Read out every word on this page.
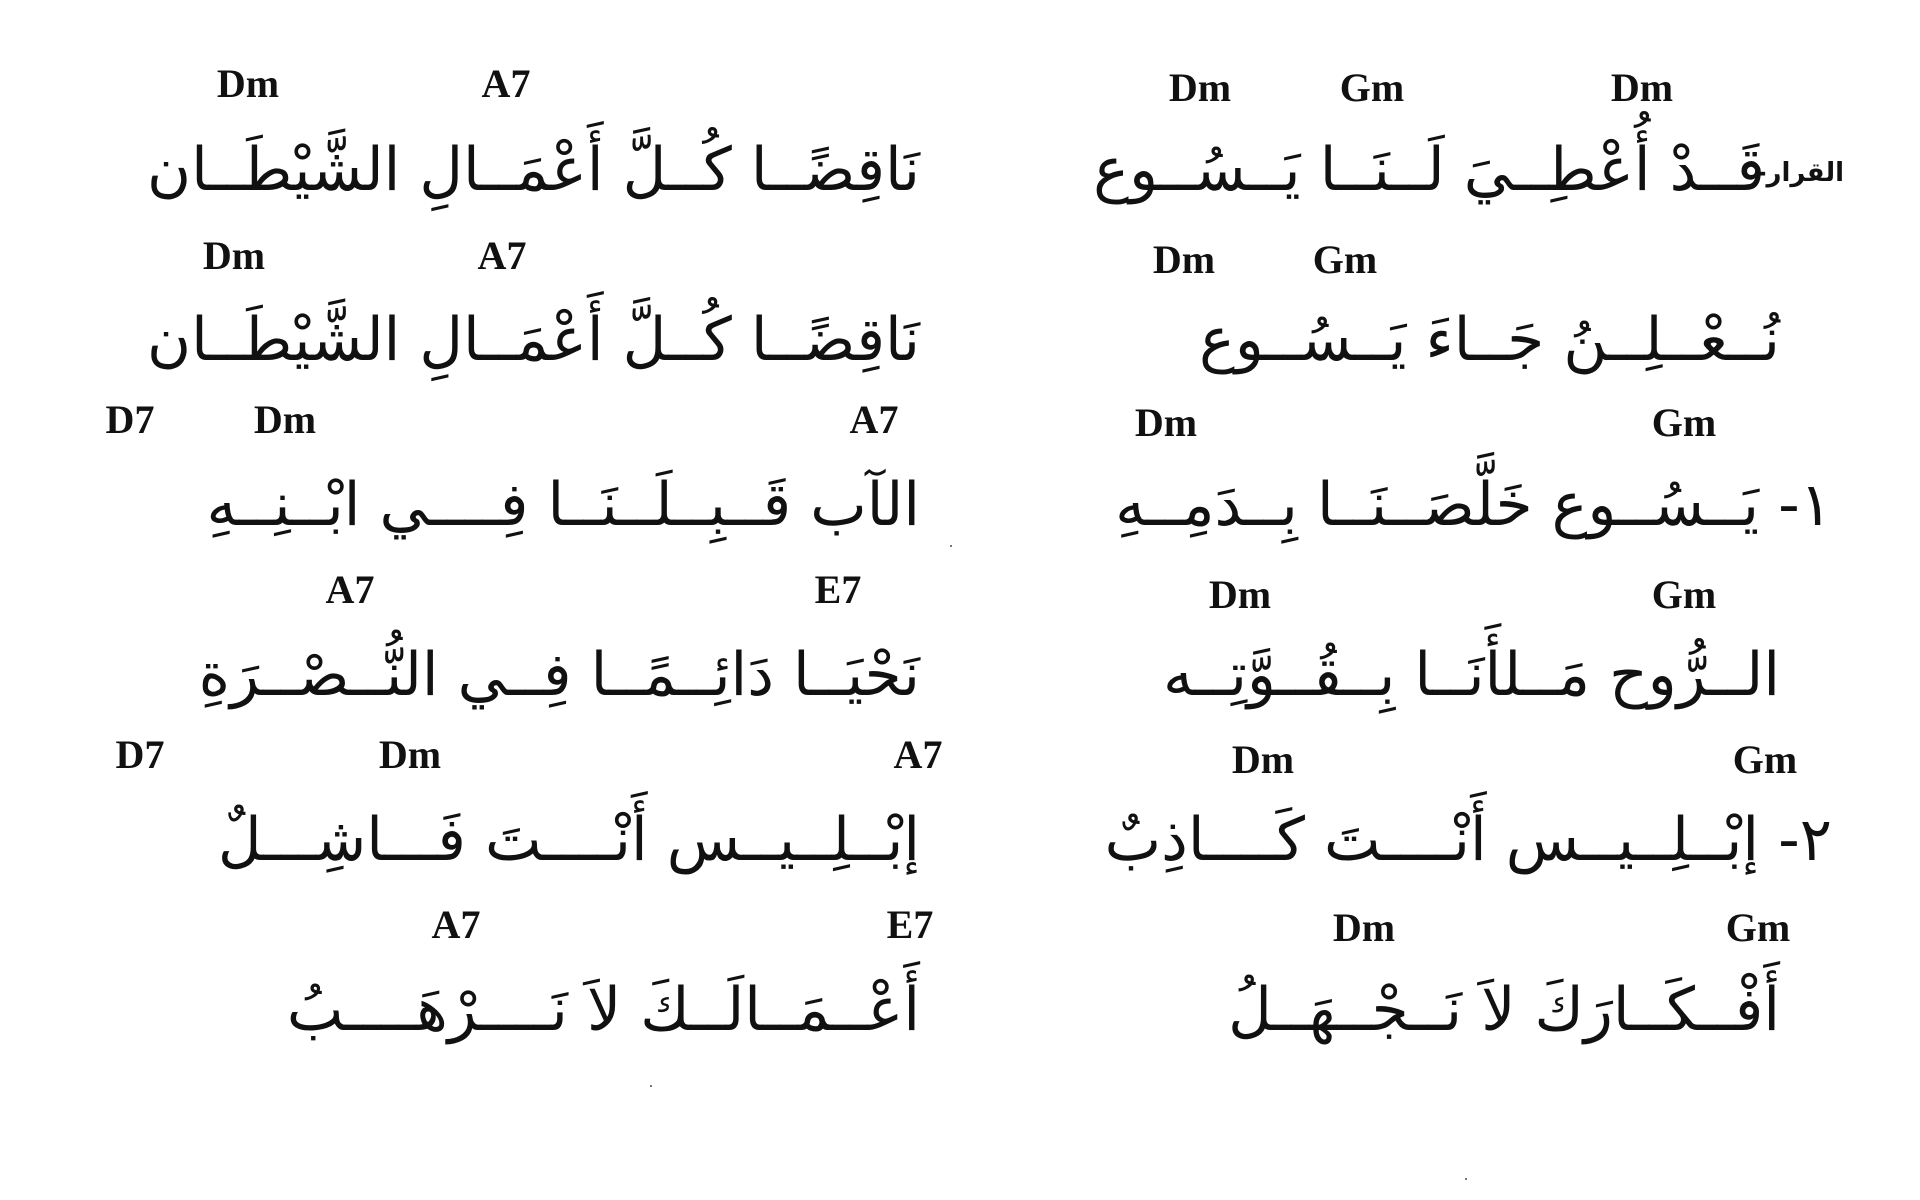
Dm	Gm	Dm
القرار-
قَــدْ أُعْطِــيَ لَــنَــا يَــسُــوع
Dm Gm
نُــعْــلِــنُ جَــاءَ يَــسُــوع
Dm	Gm
١- يَــسُــوع خَلَّصَــنَــا بِــدَمِــهِ
Dm	Gm
الــرُّوح مَــلأَنَــا بِــقُــوَّتِــه
Dm	Gm
٢- إبْــلِــيــس أَنْــــتَ كَــــاذِبٌ
Dm	Gm
أَفْــكَــارَكَ لاَ نَــجْــهَــلُ
Dm	A7
نَاقِضًــا كُــلَّ أَعْمَــالِ الشَّيْطَــان
Dm	A7
نَاقِضًــا كُــلَّ أَعْمَــالِ الشَّيْطَــان
D7 Dm	A7
الآب قَــبِــلَــنَــا فِــــي ابْــنِــهِ
A7	E7
نَحْيَــا دَائِــمًــا فِــي النُّــصْــرَةِ
D7	Dm	A7
إبْــلِــيــس أَنْــــتَ فَـــاشِـــلٌ
A7	E7
أَعْــمَــالَــكَ لاَ نَــــرْهَــــبُ
